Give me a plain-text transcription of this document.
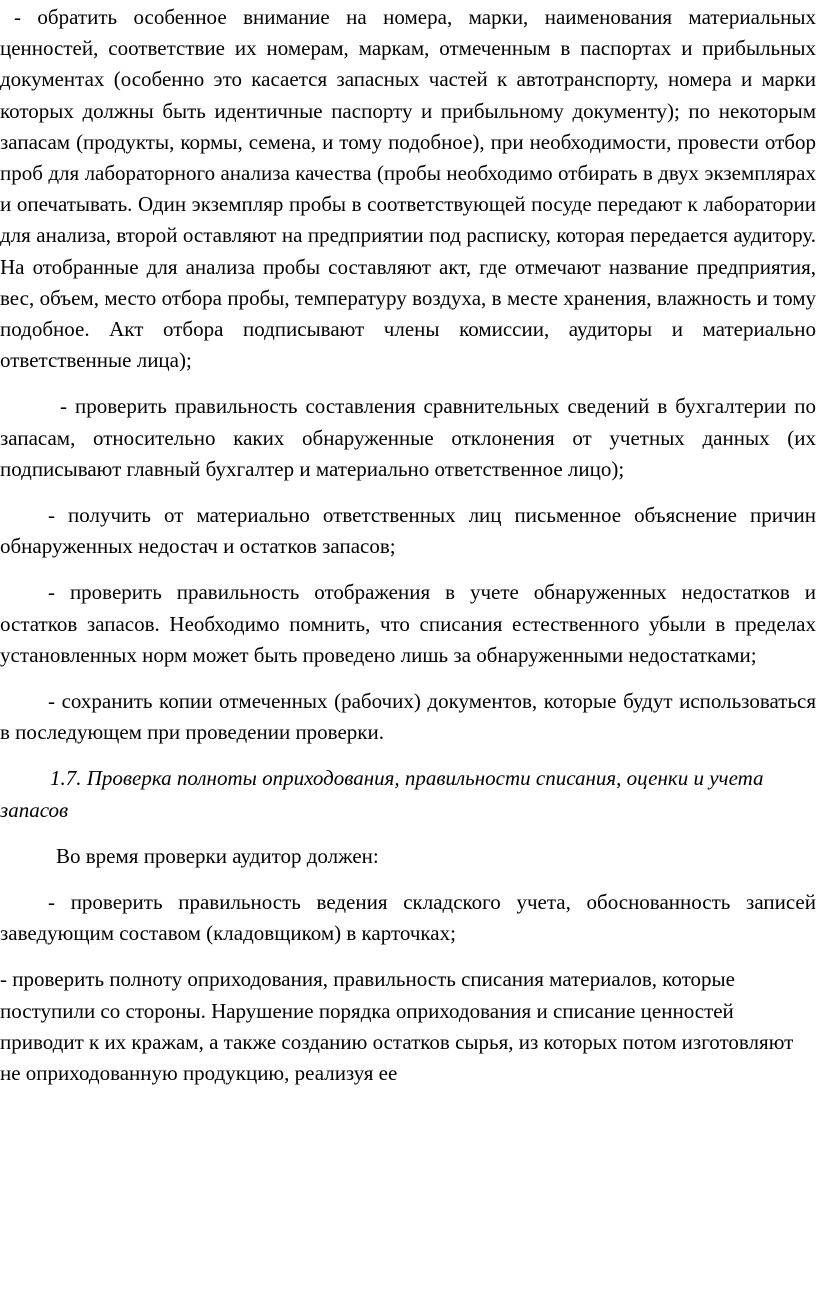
- обратить особенное внимание на номера, марки, наименования материальных ценностей, соответствие их номерам, маркам, отмеченным в паспортах и прибыльных документах (особенно это касается запасных частей к автотранспорту, номера и марки которых должны быть идентичные паспорту и прибыльному документу); по некоторым запасам (продукты, кормы, семена, и тому подобное), при необходимости, провести отбор проб для лабораторного анализа качества (пробы необходимо отбирать в двух экземплярах и опечатывать. Один экземпляр пробы в соответствующей посуде передают к лаборатории для анализа, второй оставляют на предприятии под расписку, которая передается аудитору. На отобранные для анализа пробы составляют акт, где отмечают название предприятия, вес, объем, место отбора пробы, температуру воздуха, в месте хранения, влажность и тому подобное. Акт отбора подписывают члены комиссии, аудиторы и материально ответственные лица);

- проверить правильность составления сравнительных сведений в бухгалтерии по запасам, относительно каких обнаруженные отклонения от учетных данных (их подписывают главный бухгалтер и материально ответственное лицо);

- получить от материально ответственных лиц письменное объяснение причин обнаруженных недостач и остатков запасов;

- проверить правильность отображения в учете обнаруженных недостатков и остатков запасов. Необходимо помнить, что списания естественного убыли в пределах установленных норм может быть проведено лишь за обнаруженными недостатками;

- сохранить копии отмеченных (рабочих) документов, которые будут использоваться в последующем при проведении проверки.

1.7. Проверка полноты оприходования, правильности списания, оценки и учета запасов

Во время проверки аудитор должен:

- проверить правильность ведения складского учета, обоснованность записей заведующим составом (кладовщиком) в карточках;

- проверить полноту оприходования, правильность списания материалов, которые поступили со стороны. Нарушение порядка оприходования и списание ценностей приводит к их кражам, а также созданию остатков сырья, из которых потом изготовляют не оприходованную продукцию, реализуя ее
